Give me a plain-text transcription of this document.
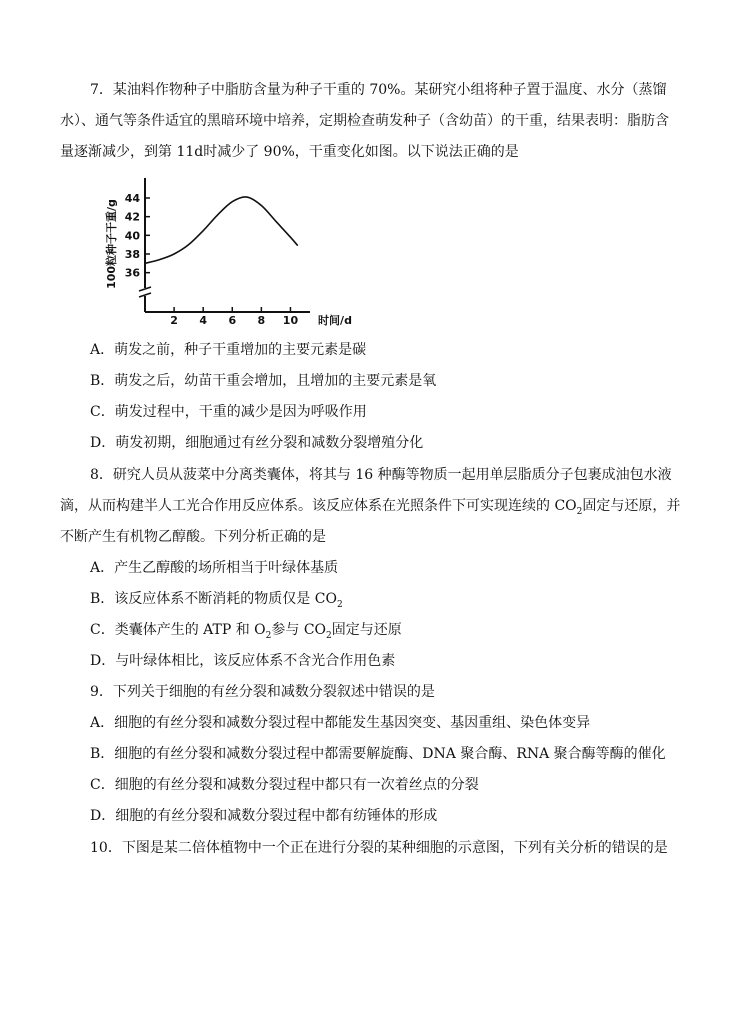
7．某油料作物种子中脂肪含量为种子干重的 70%。某研究小组将种子置于温度、水分（蒸馏
水）、通气等条件适宜的黑暗环境中培养，定期检查萌发种子（含幼苗）的干重，结果表明：脂肪含
量逐渐减少，到第 11d时减少了 90%，干重变化如图。以下说法正确的是
36
38
40
42
44
2 4 6 8 10 时间/d
100粒种子干重/g
A．萌发之前，种子干重增加的主要元素是碳
B．萌发之后，幼苗干重会增加，且增加的主要元素是氧
C．萌发过程中，干重的减少是因为呼吸作用
D．萌发初期，细胞通过有丝分裂和减数分裂增殖分化
8．研究人员从菠菜中分离类囊体，将其与 16 种酶等物质一起用单层脂质分子包裹成油包水液
滴，从而构建半人工光合作用反应体系。该反应体系在光照条件下可实现连续的 $CO_2$固定与还原，并
不断产生有机物乙醇酸。下列分析正确的是
A．产生乙醇酸的场所相当于叶绿体基质
B．该反应体系不断消耗的物质仅是 $CO_2$
C．类囊体产生的 ATP 和 $O_2$参与 $CO_2$固定与还原
D．与叶绿体相比，该反应体系不含光合作用色素
9．下列关于细胞的有丝分裂和减数分裂叙述中错误的是
A．细胞的有丝分裂和减数分裂过程中都能发生基因突变、基因重组、染色体变异
B．细胞的有丝分裂和减数分裂过程中都需要解旋酶、DNA 聚合酶、RNA 聚合酶等酶的催化
C．细胞的有丝分裂和减数分裂过程中都只有一次着丝点的分裂
D．细胞的有丝分裂和减数分裂过程中都有纺锤体的形成
10．下图是某二倍体植物中一个正在进行分裂的某种细胞的示意图，下列有关分析的错误的是
